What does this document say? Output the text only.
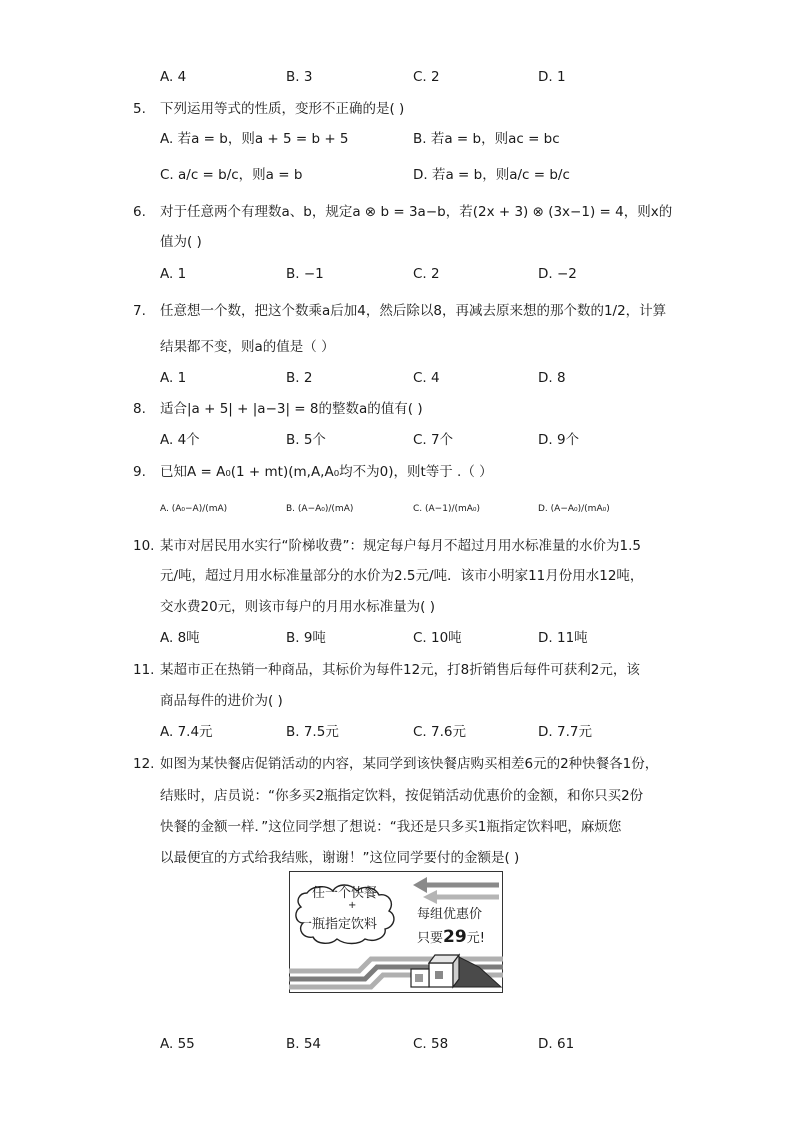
A. 4	B. 3	C. 2	D. 1
5. 下列运用等式的性质，变形不正确的是( )
A. 若a = b，则a + 5 = b + 5	B. 若a = b，则ac = bc
C. a/c = b/c，则a = b	D. 若a = b，则a/c = b/c
6. 对于任意两个有理数a、b，规定a ⊗ b = 3a−b，若(2x + 3) ⊗ (3x−1) = 4，则x的
值为( )
A. 1	B. −1	C. 2	D. −2
7. 任意想一个数，把这个数乘a后加4，然后除以8，再减去原来想的那个数的1/2，计算
结果都不变，则a的值是（ ）
A. 1	B. 2	C. 4	D. 8
8. 适合|a + 5| + |a−3| = 8的整数a的值有( )
A. 4个	B. 5个	C. 7个	D. 9个
9. 已知A = A₀(1 + mt)(m,A,A₀均不为0)，则t等于 .（ ）
A. (A₀−A)/(mA)	B. (A−A₀)/(mA)	C. (A−1)/(mA₀)	D. (A−A₀)/(mA₀)
10. 某市对居民用水实行“阶梯收费”：规定每户每月不超过月用水标准量的水价为1.5
元/吨，超过月用水标准量部分的水价为2.5元/吨．该市小明家11月份用水12吨，
交水费20元，则该市每户的月用水标准量为( )
A. 8吨	B. 9吨	C. 10吨	D. 11吨
11. 某超市正在热销一种商品，其标价为每件12元，打8折销售后每件可获利2元，该
商品每件的进价为( )
A. 7.4元	B. 7.5元	C. 7.6元	D. 7.7元
12. 如图为某快餐店促销活动的内容，某同学到该快餐店购买相差6元的2种快餐各1份，
结账时，店员说：“你多买2瓶指定饮料，按促销活动优惠价的金额，和你只买2份
快餐的金额一样．”这位同学想了想说：“我还是只多买1瓶指定饮料吧，麻烦您
以最便宜的方式给我结账，谢谢！”这位同学要付的金额是( )
任一个快餐
+
一瓶指定饮料
每组优惠价
只要29元!
A. 55	B. 54	C. 58	D. 61
